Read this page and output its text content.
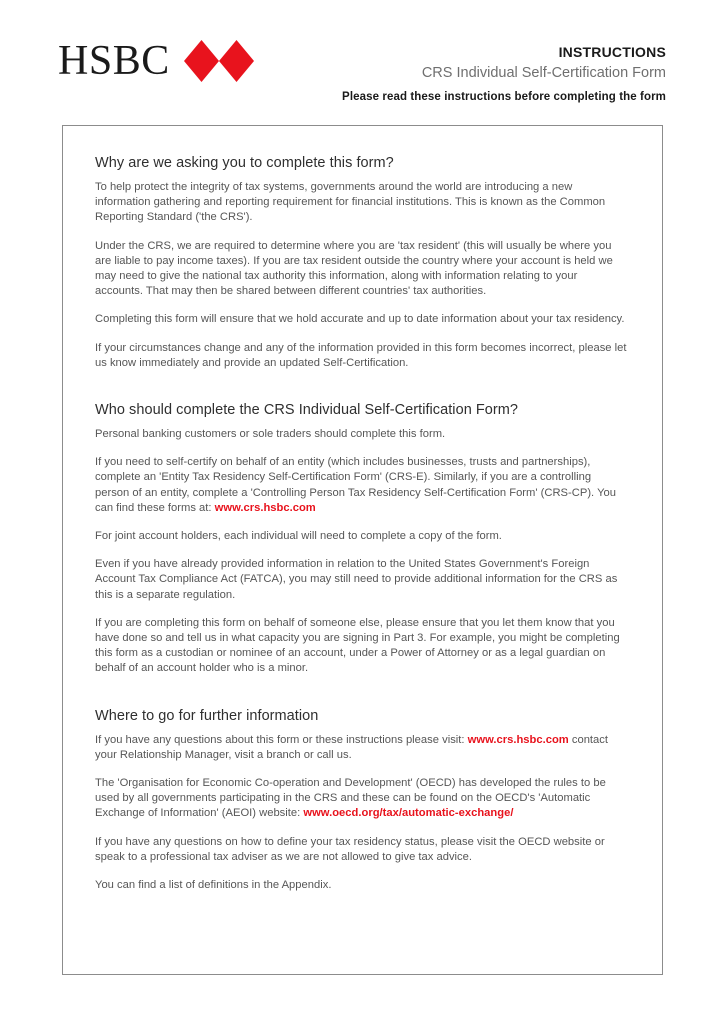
HSBC	INSTRUCTIONS
CRS Individual Self-Certification Form
Please read these instructions before completing the form
Why are we asking you to complete this form?

To help protect the integrity of tax systems, governments around the world are introducing a new information gathering and reporting requirement for financial institutions. This is known as the Common Reporting Standard ('the CRS').

Under the CRS, we are required to determine where you are 'tax resident' (this will usually be where you are liable to pay income taxes). If you are tax resident outside the country where your account is held we may need to give the national tax authority this information, along with information relating to your accounts. That may then be shared between different countries' tax authorities.

Completing this form will ensure that we hold accurate and up to date information about your tax residency.

If your circumstances change and any of the information provided in this form becomes incorrect, please let us know immediately and provide an updated Self-Certification.

Who should complete the CRS Individual Self-Certification Form?

Personal banking customers or sole traders should complete this form.

If you need to self-certify on behalf of an entity (which includes businesses, trusts and partnerships), complete an 'Entity Tax Residency Self-Certification Form' (CRS-E). Similarly, if you are a controlling person of an entity, complete a 'Controlling Person Tax Residency Self-Certification Form' (CRS-CP). You can find these forms at: www.crs.hsbc.com

For joint account holders, each individual will need to complete a copy of the form.

Even if you have already provided information in relation to the United States Government's Foreign Account Tax Compliance Act (FATCA), you may still need to provide additional information for the CRS as this is a separate regulation.

If you are completing this form on behalf of someone else, please ensure that you let them know that you have done so and tell us in what capacity you are signing in Part 3. For example, you might be completing this form as a custodian or nominee of an account, under a Power of Attorney or as a legal guardian on behalf of an account holder who is a minor.

Where to go for further information

If you have any questions about this form or these instructions please visit: www.crs.hsbc.com contact your Relationship Manager, visit a branch or call us.

The 'Organisation for Economic Co-operation and Development' (OECD) has developed the rules to be used by all governments participating in the CRS and these can be found on the OECD's 'Automatic Exchange of Information' (AEOI) website: www.oecd.org/tax/automatic-exchange/

If you have any questions on how to define your tax residency status, please visit the OECD website or speak to a professional tax adviser as we are not allowed to give tax advice.

You can find a list of definitions in the Appendix.
